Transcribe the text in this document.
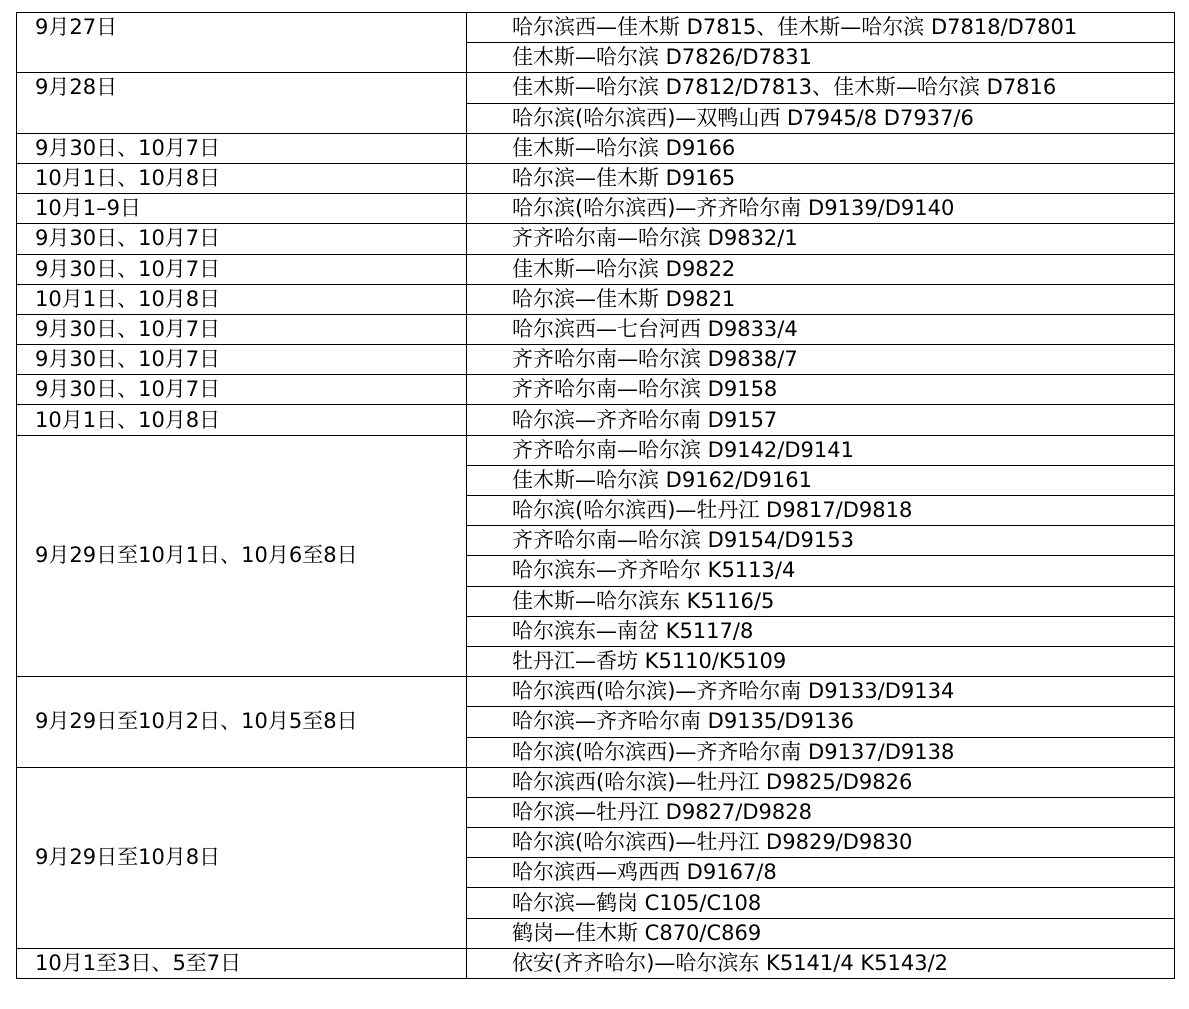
9月27日	哈尔滨西—佳木斯 D7815、佳木斯—哈尔滨 D7818/D7801
	佳木斯—哈尔滨 D7826/D7831
9月28日	佳木斯—哈尔滨 D7812/D7813、佳木斯—哈尔滨 D7816
	哈尔滨(哈尔滨西)—双鸭山西 D7945/8 D7937/6
9月30日、10月7日	佳木斯—哈尔滨 D9166
10月1日、10月8日	哈尔滨—佳木斯 D9165
10月1–9日	哈尔滨(哈尔滨西)—齐齐哈尔南 D9139/D9140
9月30日、10月7日	齐齐哈尔南—哈尔滨 D9832/1
9月30日、10月7日	佳木斯—哈尔滨 D9822
10月1日、10月8日	哈尔滨—佳木斯 D9821
9月30日、10月7日	哈尔滨西—七台河西 D9833/4
9月30日、10月7日	齐齐哈尔南—哈尔滨 D9838/7
9月30日、10月7日	齐齐哈尔南—哈尔滨 D9158
10月1日、10月8日	哈尔滨—齐齐哈尔南 D9157
9月29日至10月1日、10月6至8日	齐齐哈尔南—哈尔滨 D9142/D9141
	佳木斯—哈尔滨 D9162/D9161
	哈尔滨(哈尔滨西)—牡丹江 D9817/D9818
	齐齐哈尔南—哈尔滨 D9154/D9153
	哈尔滨东—齐齐哈尔 K5113/4
	佳木斯—哈尔滨东 K5116/5
	哈尔滨东—南岔 K5117/8
	牡丹江—香坊 K5110/K5109
9月29日至10月2日、10月5至8日	哈尔滨西(哈尔滨)—齐齐哈尔南 D9133/D9134
	哈尔滨—齐齐哈尔南 D9135/D9136
	哈尔滨(哈尔滨西)—齐齐哈尔南 D9137/D9138
9月29日至10月8日	哈尔滨西(哈尔滨)—牡丹江 D9825/D9826
	哈尔滨—牡丹江 D9827/D9828
	哈尔滨(哈尔滨西)—牡丹江 D9829/D9830
	哈尔滨西—鸡西西 D9167/8
	哈尔滨—鹤岗 C105/C108
	鹤岗—佳木斯 C870/C869
10月1至3日、5至7日	依安(齐齐哈尔)—哈尔滨东 K5141/4 K5143/2
